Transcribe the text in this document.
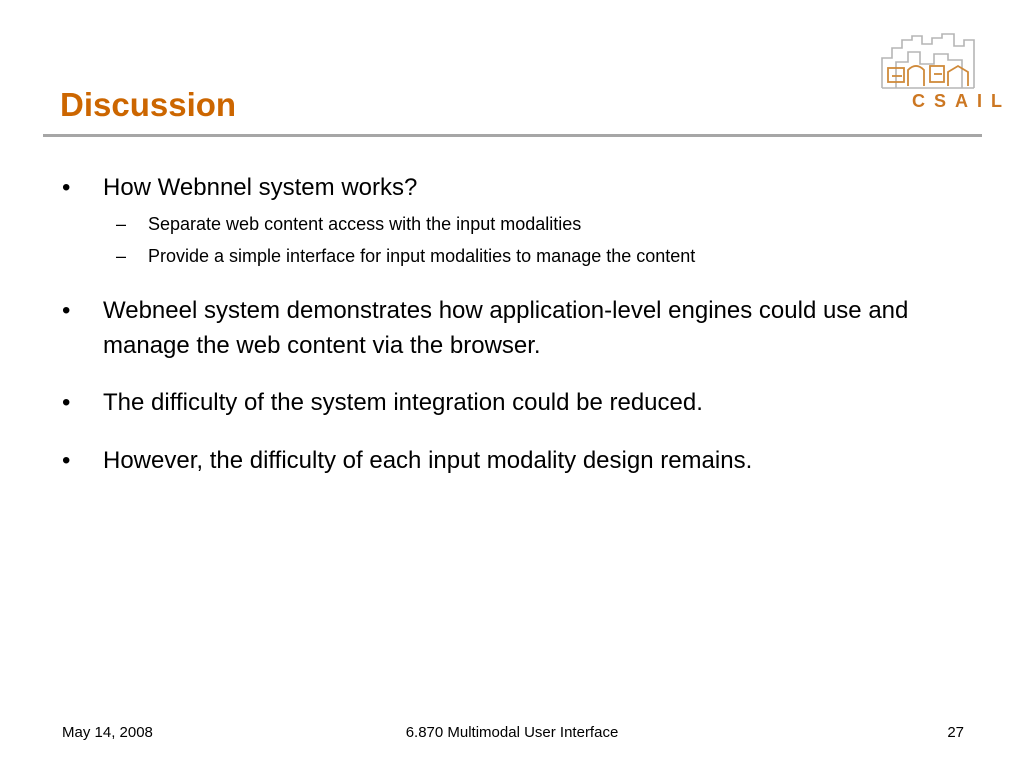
Discussion	CSAIL
• How Webnnel system works?
– Separate web content access with the input modalities
– Provide a simple interface for input modalities to manage the content
• Webneel system demonstrates how application-level engines could use and manage the web content via the browser.
• The difficulty of the system integration could be reduced.
• However, the difficulty of each input modality design remains.
May 14, 2008	6.870 Multimodal User Interface	27
